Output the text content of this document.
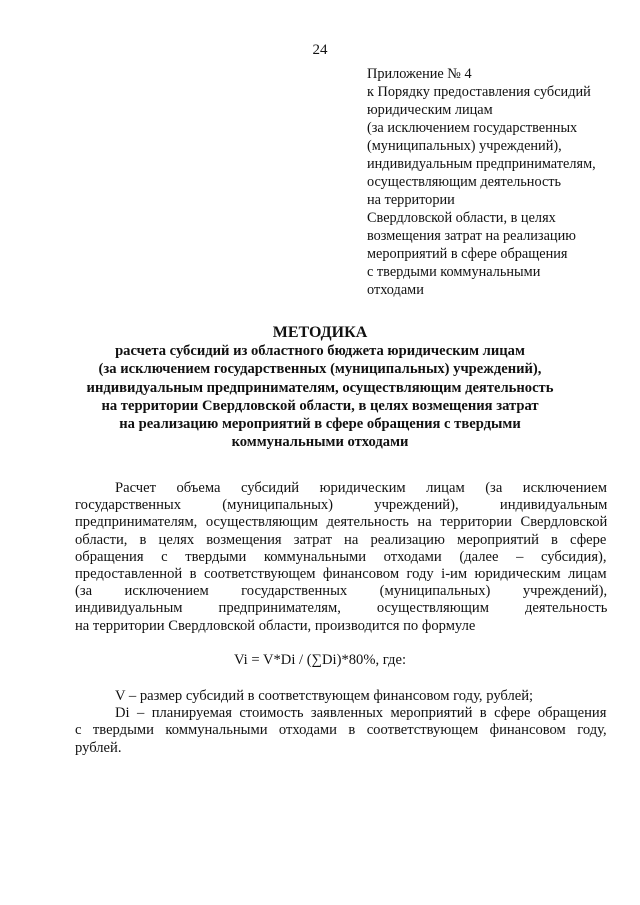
24
Приложение № 4
к Порядку предоставления субсидий
юридическим лицам
(за исключением государственных
(муниципальных) учреждений),
индивидуальным предпринимателям,
осуществляющим деятельность
на территории
Свердловской области, в целях
возмещения затрат на реализацию
мероприятий в сфере обращения
с твердыми коммунальными
отходами
МЕТОДИКА
расчета субсидий из областного бюджета юридическим лицам
(за исключением государственных (муниципальных) учреждений),
индивидуальным предпринимателям, осуществляющим деятельность
на территории Свердловской области, в целях возмещения затрат
на реализацию мероприятий в сфере обращения с твердыми
коммунальными отходами
Расчет объема субсидий юридическим лицам (за исключением
государственных (муниципальных) учреждений), индивидуальным
предпринимателям, осуществляющим деятельность на территории Свердловской
области, в целях возмещения затрат на реализацию мероприятий в сфере
обращения с твердыми коммунальными отходами (далее – субсидия),
предоставленной в соответствующем финансовом году i-им юридическим лицам
(за исключением государственных (муниципальных) учреждений),
индивидуальным предпринимателям, осуществляющим деятельность
на территории Свердловской области, производится по формуле
Vi = V*Di / (∑Di)*80%, где:
V – размер субсидий в соответствующем финансовом году, рублей;
Di – планируемая стоимость заявленных мероприятий в сфере обращения
с твердыми коммунальными отходами в соответствующем финансовом году,
рублей.
